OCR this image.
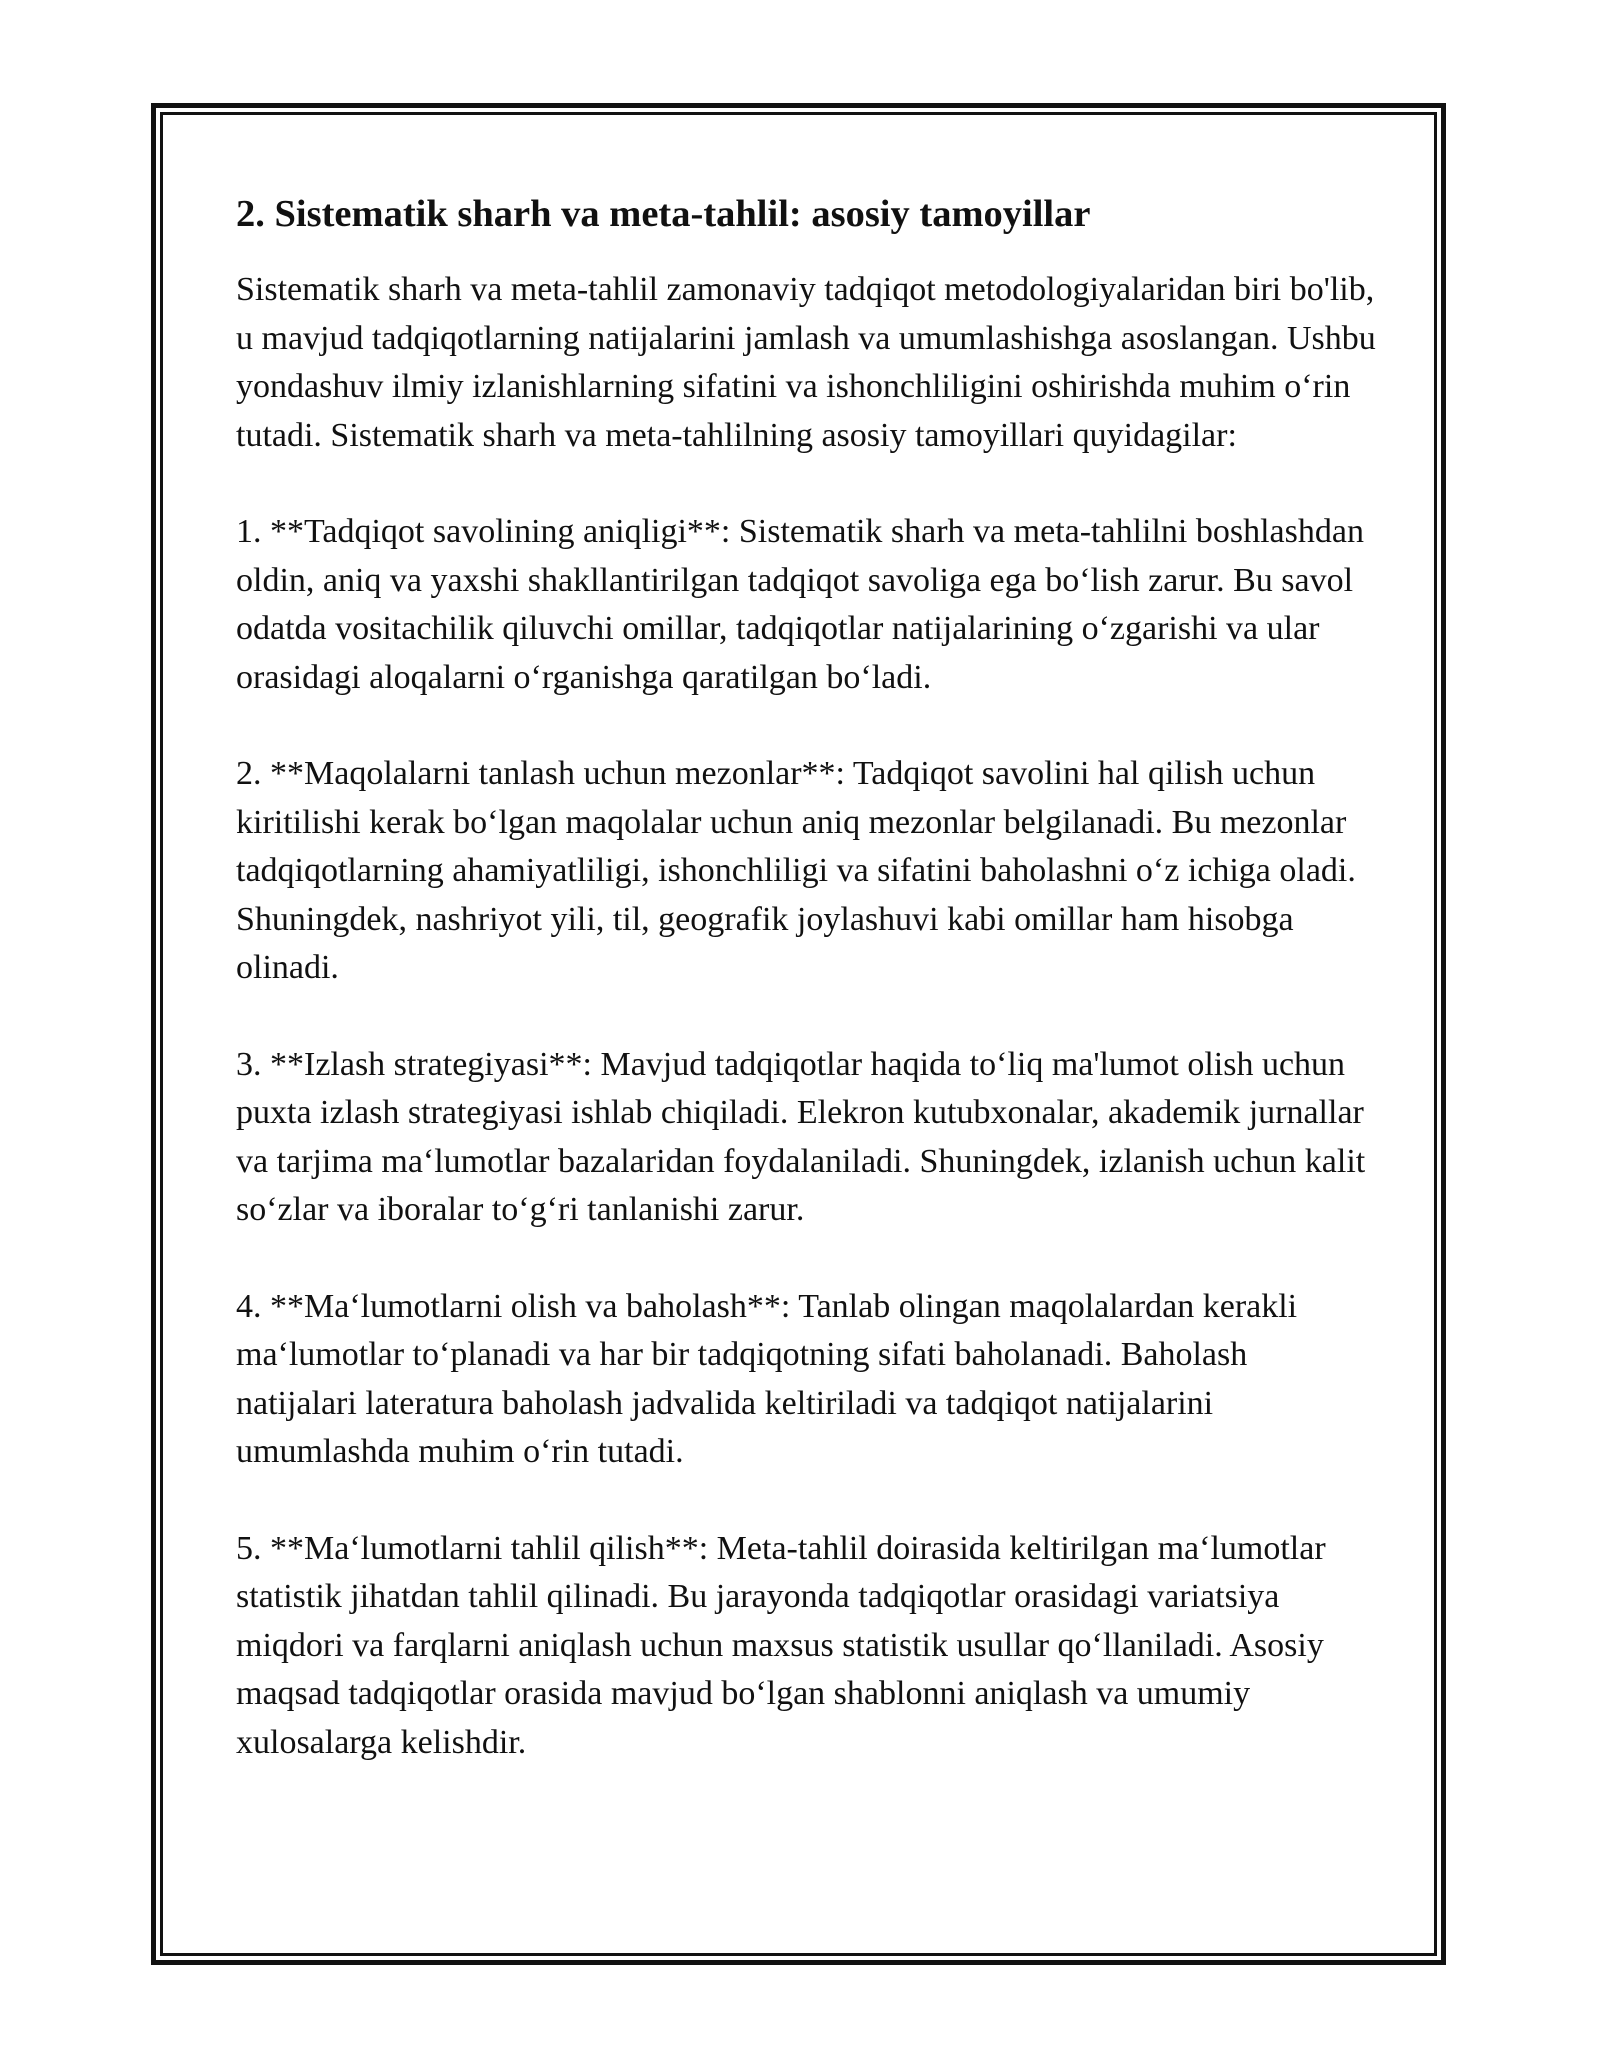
2. Sistematik sharh va meta-tahlil: asosiy tamoyillar

Sistematik sharh va meta-tahlil zamonaviy tadqiqot metodologiyalaridan biri bo'lib, u mavjud tadqiqotlarning natijalarini jamlash va umumlashishga asoslangan. Ushbu yondashuv ilmiy izlanishlarning sifatini va ishonchliligini oshirishda muhim oʻrin tutadi. Sistematik sharh va meta-tahlilning asosiy tamoyillari quyidagilar:

1. **Tadqiqot savolining aniqligi**: Sistematik sharh va meta-tahlilni boshlashdan oldin, aniq va yaxshi shakllantirilgan tadqiqot savoliga ega boʻlish zarur. Bu savol odatda vositachilik qiluvchi omillar, tadqiqotlar natijalarining oʻzgarishi va ular orasidagi aloqalarni oʻrganishga qaratilgan boʻladi.

2. **Maqolalarni tanlash uchun mezonlar**: Tadqiqot savolini hal qilish uchun kiritilishi kerak boʻlgan maqolalar uchun aniq mezonlar belgilanadi. Bu mezonlar tadqiqotlarning ahamiyatliligi, ishonchliligi va sifatini baholashni oʻz ichiga oladi. Shuningdek, nashriyot yili, til, geografik joylashuvi kabi omillar ham hisobga olinadi.

3. **Izlash strategiyasi**: Mavjud tadqiqotlar haqida toʻliq ma'lumot olish uchun puxta izlash strategiyasi ishlab chiqiladi. Elekron kutubxonalar, akademik jurnallar va tarjima maʻlumotlar bazalaridan foydalaniladi. Shuningdek, izlanish uchun kalit soʻzlar va iboralar toʻgʻri tanlanishi zarur.

4. **Maʻlumotlarni olish va baholash**: Tanlab olingan maqolalardan kerakli maʻlumotlar toʻplanadi va har bir tadqiqotning sifati baholanadi. Baholash natijalari lateratura baholash jadvalida keltiriladi va tadqiqot natijalarini umumlashda muhim oʻrin tutadi.

5. **Maʻlumotlarni tahlil qilish**: Meta-tahlil doirasida keltirilgan maʻlumotlar statistik jihatdan tahlil qilinadi. Bu jarayonda tadqiqotlar orasidagi variatsiya miqdori va farqlarni aniqlash uchun maxsus statistik usullar qoʻllaniladi. Asosiy maqsad tadqiqotlar orasida mavjud boʻlgan shablonni aniqlash va umumiy xulosalarga kelishdir.
